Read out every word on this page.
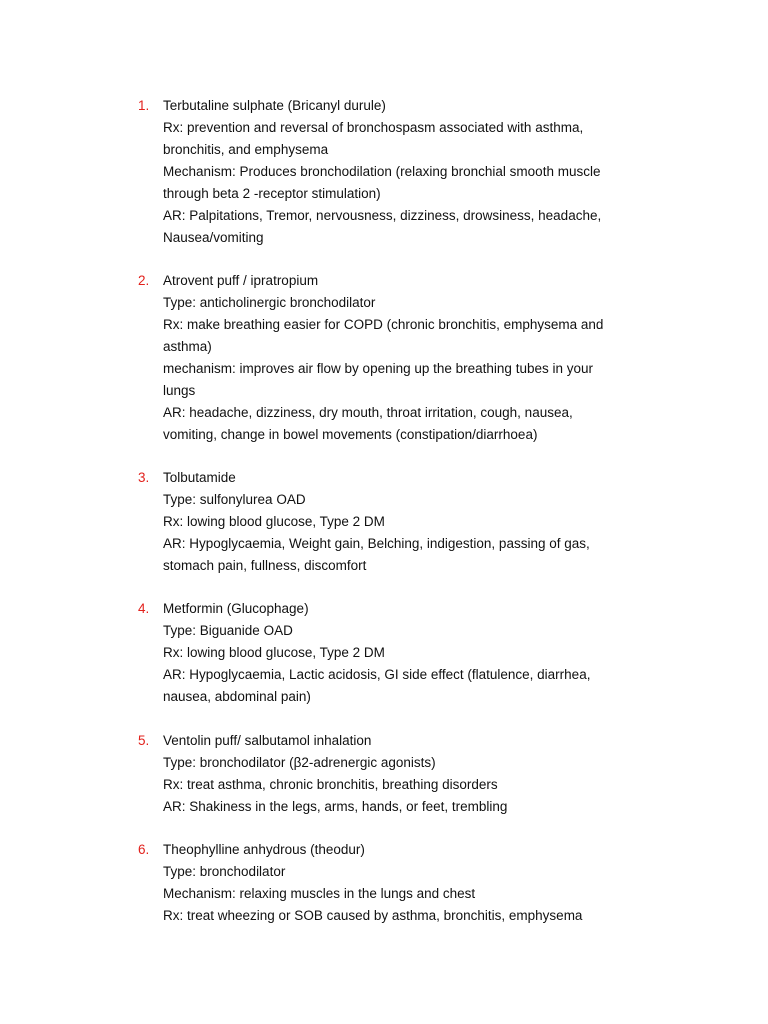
1.	Terbutaline sulphate (Bricanyl durule)
Rx: prevention and reversal of bronchospasm associated with asthma,
bronchitis, and emphysema
Mechanism: Produces bronchodilation (relaxing bronchial smooth muscle
through beta 2 -receptor stimulation)
AR: Palpitations, Tremor, nervousness, dizziness, drowsiness, headache,
Nausea/vomiting
2.	Atrovent puff / ipratropium
Type: anticholinergic bronchodilator
Rx: make breathing easier for COPD (chronic bronchitis, emphysema and
asthma)
mechanism: improves air flow by opening up the breathing tubes in your
lungs
AR: headache, dizziness, dry mouth, throat irritation, cough, nausea,
vomiting, change in bowel movements (constipation/diarrhoea)
3.	Tolbutamide
Type: sulfonylurea OAD
Rx: lowing blood glucose, Type 2 DM
AR: Hypoglycaemia, Weight gain, Belching, indigestion, passing of gas,
stomach pain, fullness, discomfort
4.	Metformin (Glucophage)
Type: Biguanide OAD
Rx: lowing blood glucose, Type 2 DM
AR: Hypoglycaemia, Lactic acidosis, GI side effect (flatulence, diarrhea,
nausea, abdominal pain)
5.	Ventolin puff/ salbutamol inhalation
Type: bronchodilator (β2-adrenergic agonists)
Rx: treat asthma, chronic bronchitis, breathing disorders
AR: Shakiness in the legs, arms, hands, or feet, trembling
6.	Theophylline anhydrous (theodur)
Type: bronchodilator
Mechanism: relaxing muscles in the lungs and chest
Rx: treat wheezing or SOB caused by asthma, bronchitis, emphysema
